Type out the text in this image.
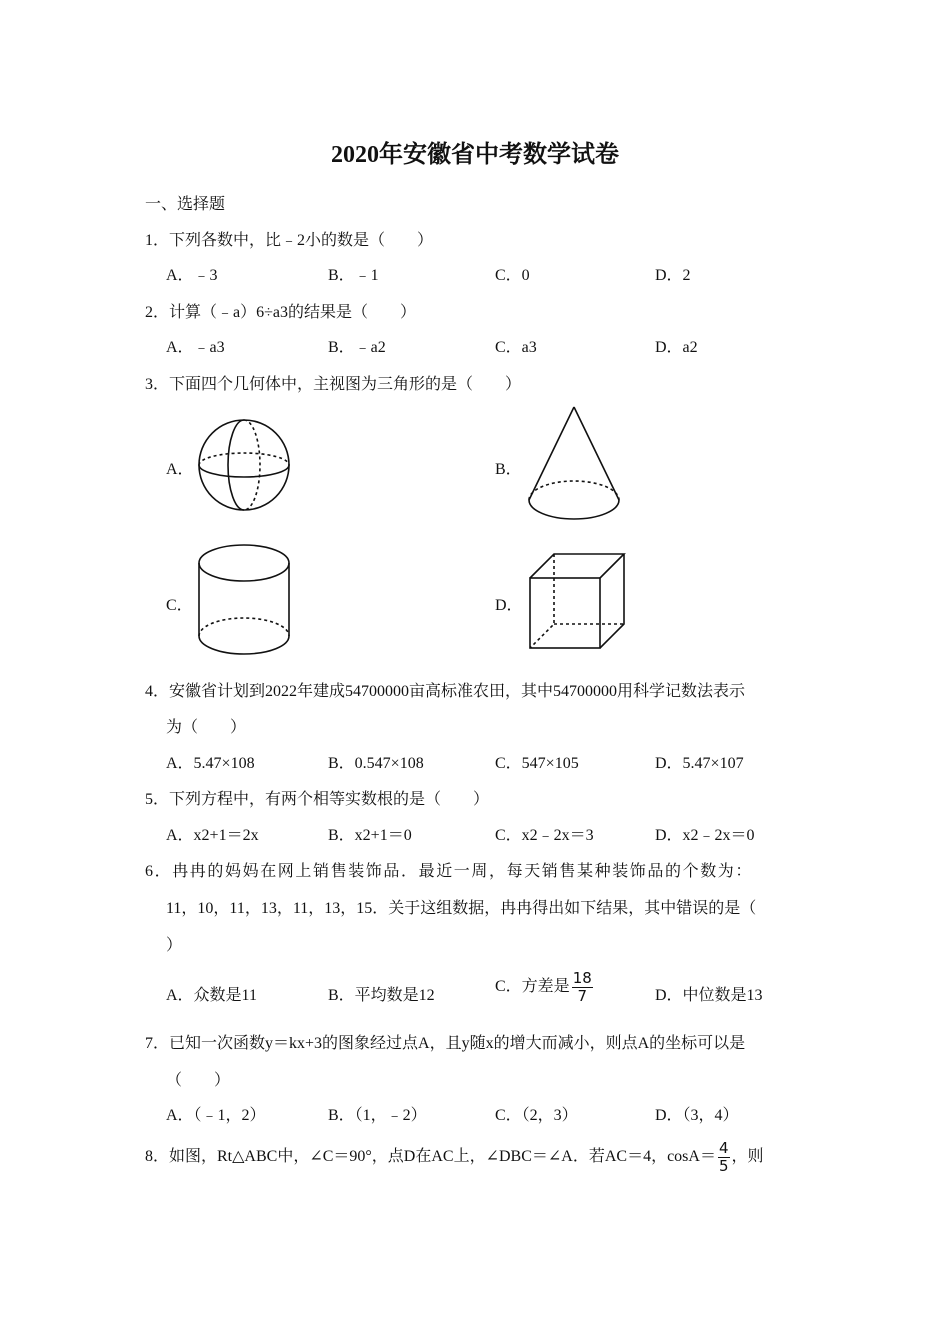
2020年安徽省中考数学试卷
一、选择题
1．下列各数中，比﹣2小的数是（　　）
A．﹣3	B．﹣1	C．0	D．2
2．计算（﹣a）6÷a3的结果是（　　）
A．﹣a3	B．﹣a2	C．a3	D．a2
3．下面四个几何体中，主视图为三角形的是（　　）
A．	B．
C．	D．
4．安徽省计划到2022年建成54700000亩高标准农田，其中54700000用科学记数法表示
为（　　）
A．5.47×108	B．0.547×108	C．547×105	D．5.47×107
5．下列方程中，有两个相等实数根的是（　　）
A．x2+1＝2x	B．x2+1＝0	C．x2﹣2x＝3	D．x2﹣2x＝0
6．冉冉的妈妈在网上销售装饰品．最近一周，每天销售某种装饰品的个数为：
11，10，11，13，11，13，15．关于这组数据，冉冉得出如下结果，其中错误的是（
）
A．众数是11	B．平均数是12
C．方差是 $\frac{18}{7}$	D．中位数是13
7．已知一次函数y＝kx+3的图象经过点A，且y随x的增大而减小，则点A的坐标可以是
（　　）
A．（﹣1，2）	B．（1，﹣2）	C．（2，3）	D．（3，4）
8．如图，Rt△ABC中，∠C＝90°，点D在AC上，∠DBC＝∠A．若AC＝4，$\cos A= \frac{4}{5}$ ，则
